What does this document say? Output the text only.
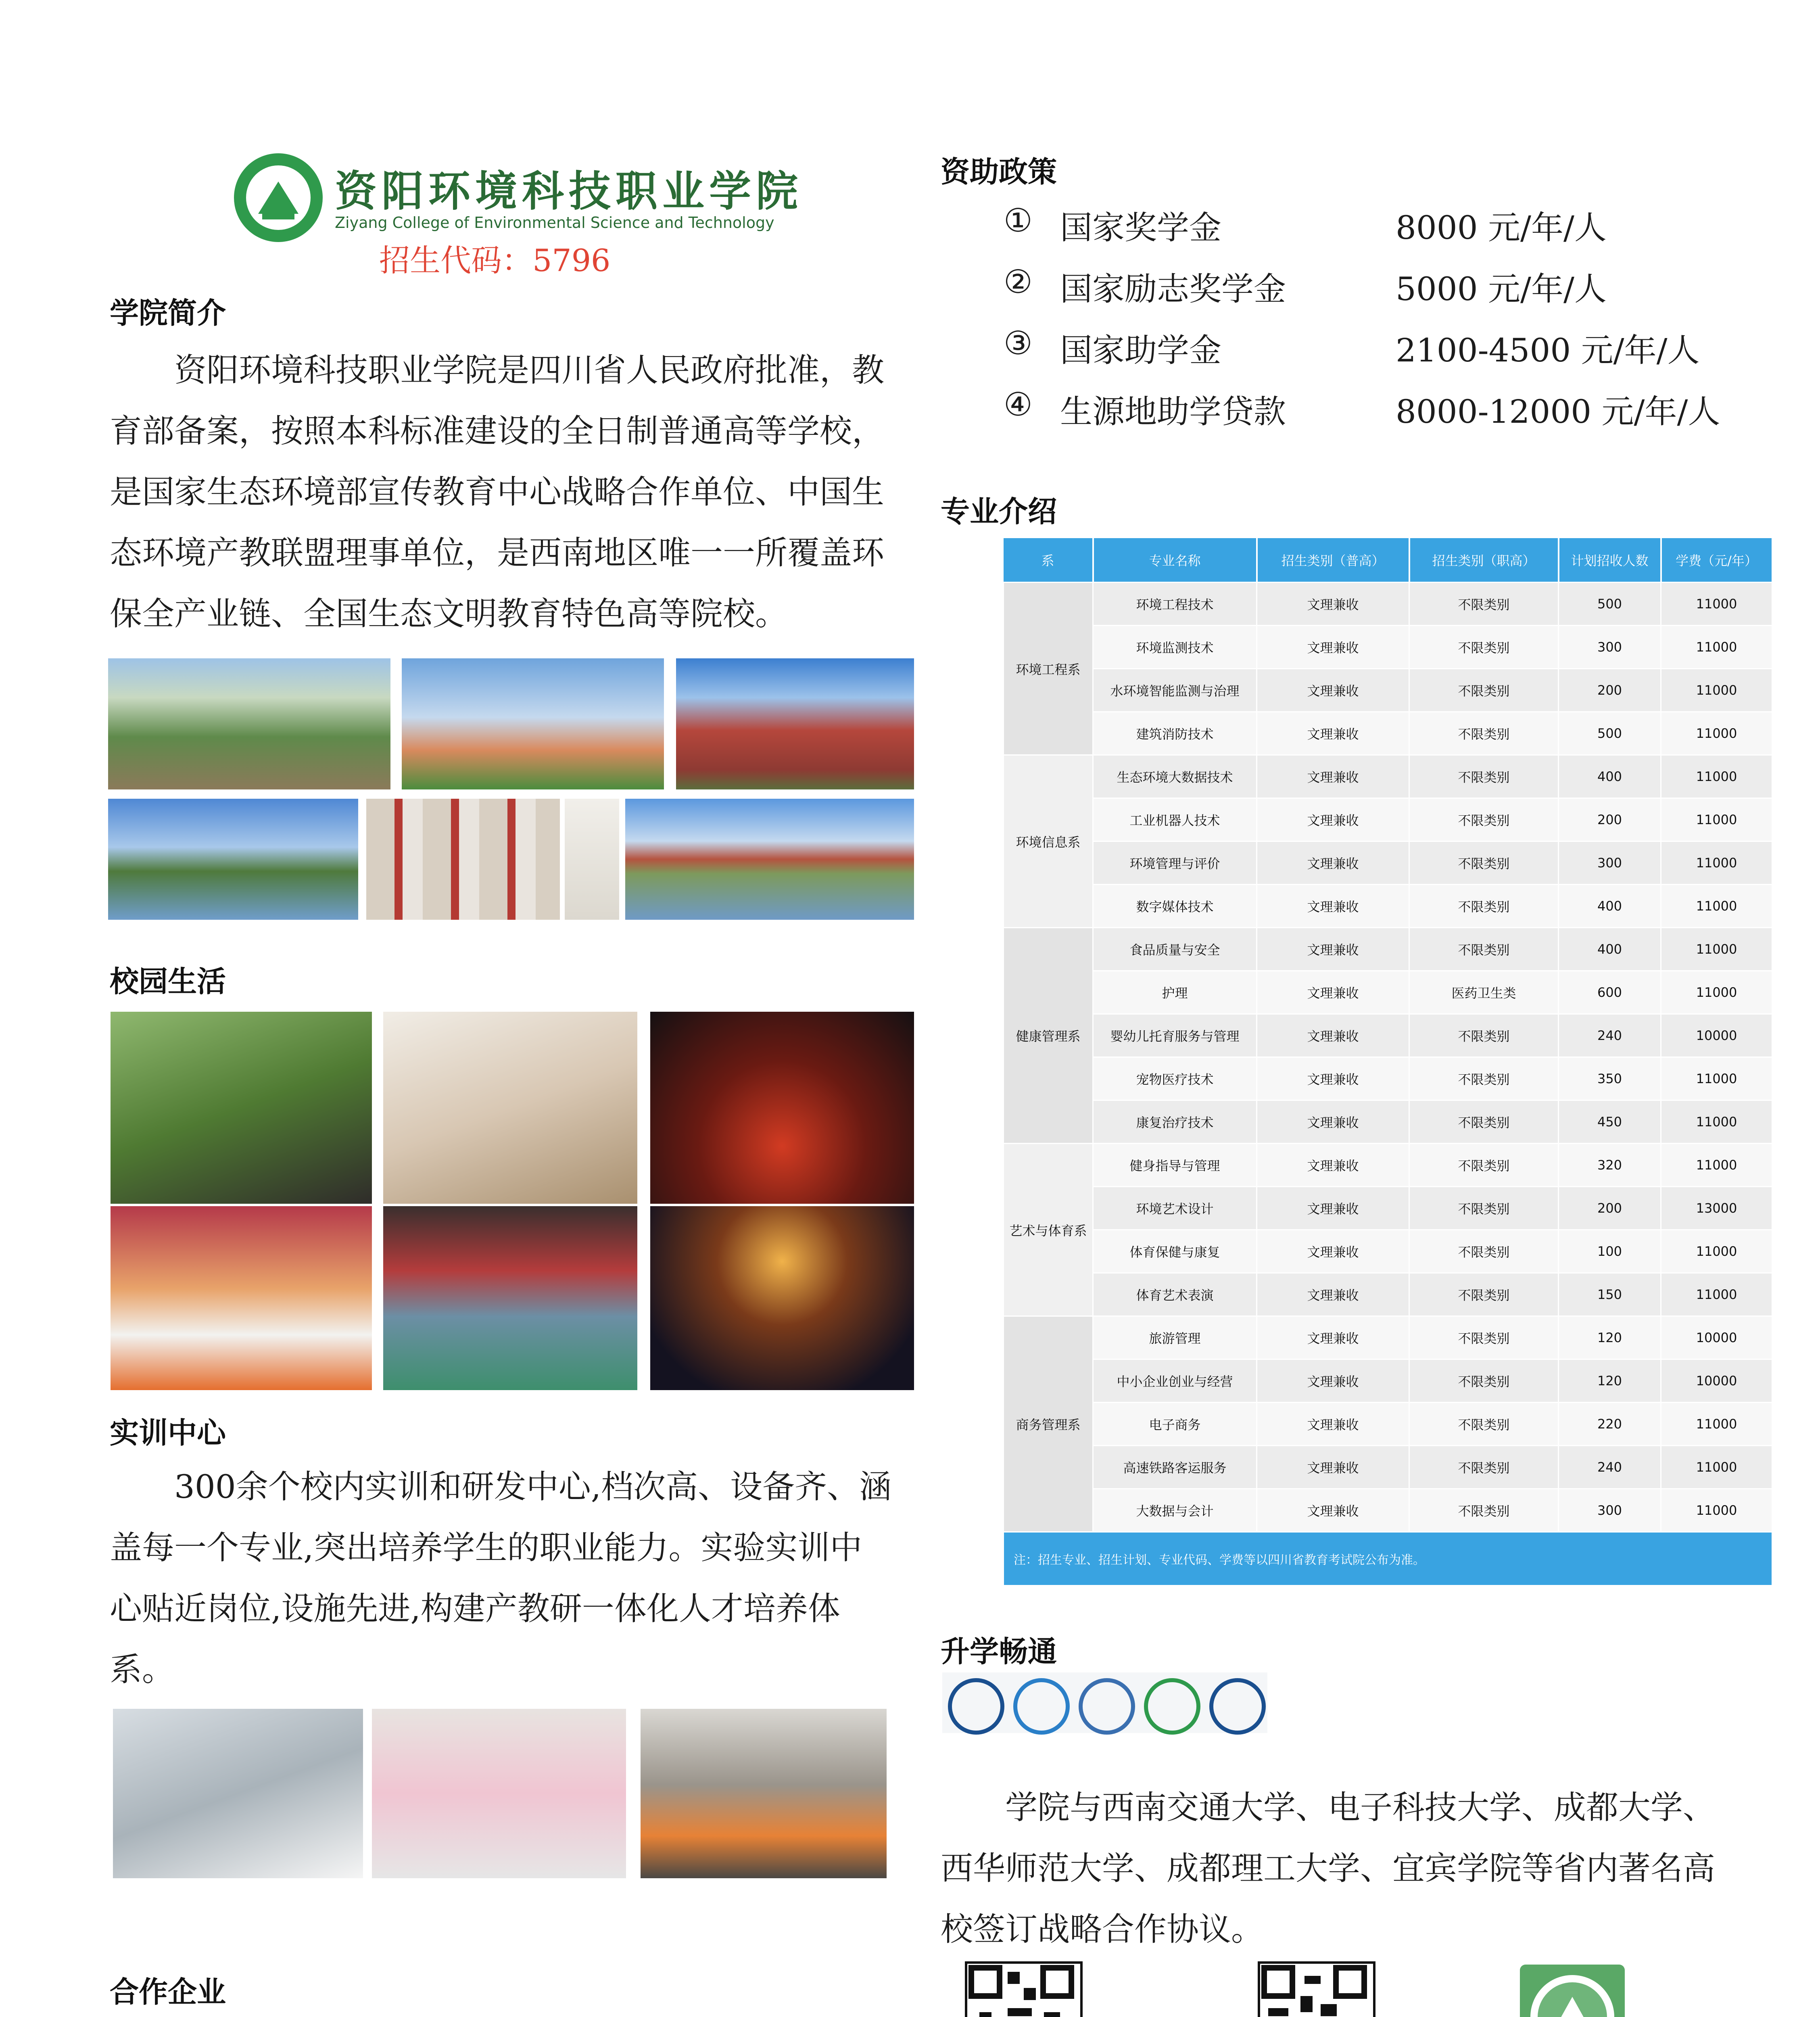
资阳环境科技职业学院
Ziyang College of Environmental Science and Technology
招生代码：5796
学院简介
资阳环境科技职业学院是四川省人民政府批准，教
育部备案，按照本科标准建设的全日制普通高等学校，
是国家生态环境部宣传教育中心战略合作单位、中国生
态环境产教联盟理事单位，是西南地区唯一一所覆盖环
保全产业链、全国生态文明教育特色高等院校。
校园生活
实训中心
300余个校内实训和研发中心,档次高、设备齐、涵
盖每一个专业,突出培养学生的职业能力。实验实训中
心贴近岗位,设施先进,构建产教研一体化人才培养体
系。
合作企业
资助政策
① 国家奖学金	8000 元/年/人
② 国家励志奖学金	5000 元/年/人
③ 国家助学金	2100-4500 元/年/人
④ 生源地助学贷款	8000-12000 元/年/人
专业介绍
系	专业名称	招生类别（普高）	招生类别（职高）	计划招收人数	学费（元/年）
环境工程系	环境工程技术	文理兼收	不限类别	500	11000
	环境监测技术	文理兼收	不限类别	300	11000
	水环境智能监测与治理	文理兼收	不限类别	200	11000
	建筑消防技术	文理兼收	不限类别	500	11000
环境信息系	生态环境大数据技术	文理兼收	不限类别	400	11000
	工业机器人技术	文理兼收	不限类别	200	11000
	环境管理与评价	文理兼收	不限类别	300	11000
	数字媒体技术	文理兼收	不限类别	400	11000
健康管理系	食品质量与安全	文理兼收	不限类别	400	11000
	护理	文理兼收	医药卫生类	600	11000
	婴幼儿托育服务与管理	文理兼收	不限类别	240	10000
	宠物医疗技术	文理兼收	不限类别	350	11000
	康复治疗技术	文理兼收	不限类别	450	11000
艺术与体育系	健身指导与管理	文理兼收	不限类别	320	11000
	环境艺术设计	文理兼收	不限类别	200	13000
	体育保健与康复	文理兼收	不限类别	100	11000
	体育艺术表演	文理兼收	不限类别	150	11000
商务管理系	旅游管理	文理兼收	不限类别	120	10000
	中小企业创业与经营	文理兼收	不限类别	120	10000
	电子商务	文理兼收	不限类别	220	11000
	高速铁路客运服务	文理兼收	不限类别	240	11000
	大数据与会计	文理兼收	不限类别	300	11000
注：招生专业、招生计划、专业代码、学费等以四川省教育考试院公布为准。					
升学畅通
学院与西南交通大学、电子科技大学、成都大学、
西华师范大学、成都理工大学、宜宾学院等省内著名高
校签订战略合作协议。
